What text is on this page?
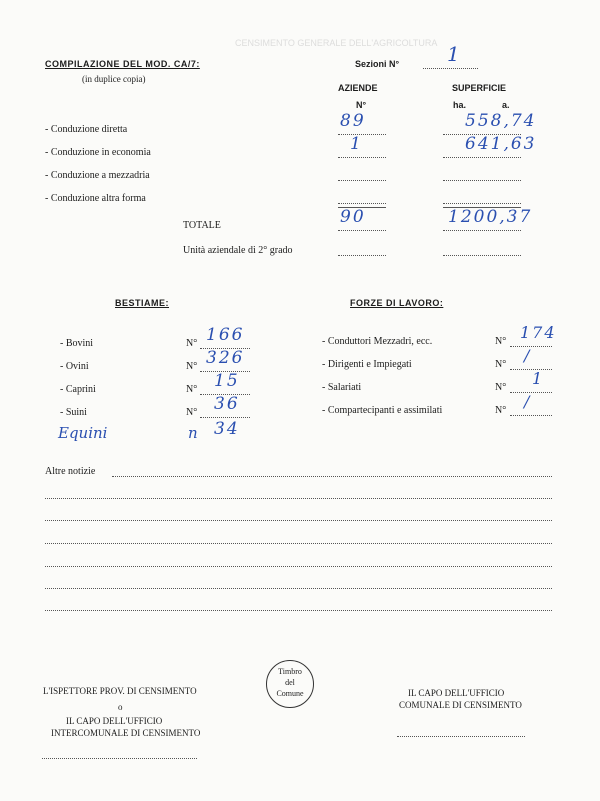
CENSIMENTO GENERALE DELL'AGRICOLTURA
COMPILAZIONE DEL MOD. CA/7:
(in duplice copia)
Sezioni N° 1
AZIENDE
N°
SUPERFICIE
ha.	a.
- Conduzione diretta	89	558,74
- Conduzione in economia	1	641,63
- Conduzione a mezzadria
- Conduzione altra forma
TOTALE	90	1200,37
Unità aziendale di 2° grado
BESTIAME:
- Bovini	N° 166
- Ovini	N° 326
- Caprini	N° 15
- Suini	N° 36
Equini	n 34
FORZE DI LAVORO:
- Conduttori Mezzadri, ecc.	N° 174
- Dirigenti e Impiegati	N° /
- Salariati	N° 1
- Compartecipanti e assimilati	N° /
Altre notizie
L'ISPETTORE PROV. DI CENSIMENTO
o
IL CAPO DELL'UFFICIO
INTERCOMUNALE DI CENSIMENTO
Timbro
del
Comune	IL CAPO DELL'UFFICIO
COMUNALE DI CENSIMENTO
